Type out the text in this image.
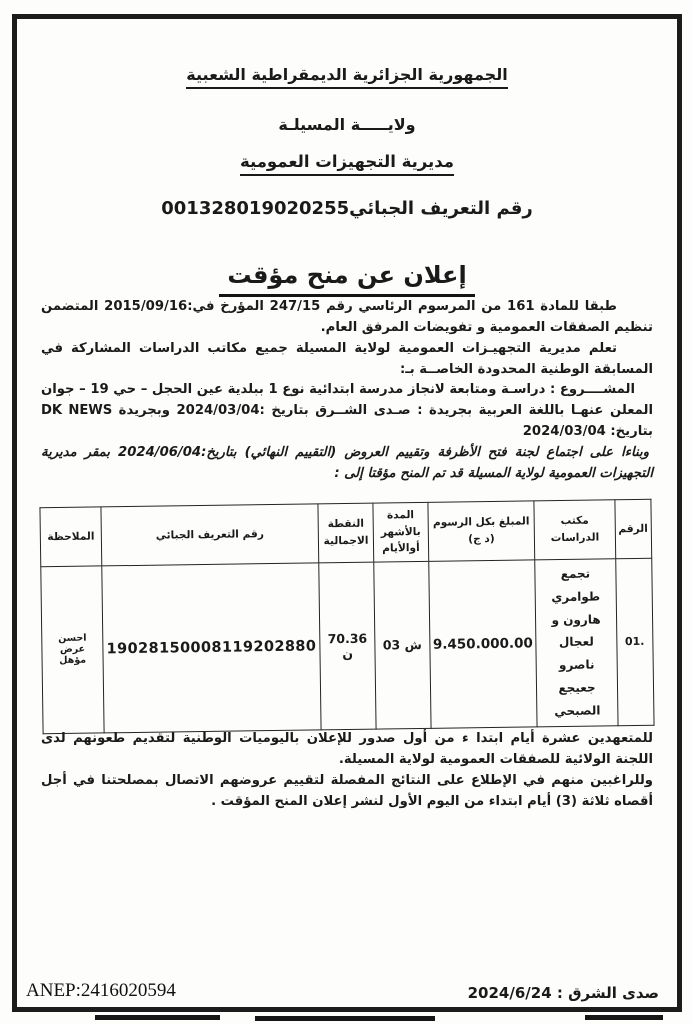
الجمهورية الجزائرية الديمقراطية الشعبية
ولايـــــة المسيلـة
مديرية التجهيزات العمومية
رقم التعريف الجبائي001328019020255
إعلان عن منح مؤقت

طبقا للمادة 161 من المرسوم الرئاسي رقم 247/15 المؤرخ في:2015/09/16 المتضمن تنظيم الصفقات العمومية و تفويضات المرفق العام.

تعلم مديرية التجهيـزات العمومية لولاية المسيلة جميع مكاتب الدراسات المشاركة في المسابقة الوطنية المحدودة الخاصــة بـ:

المشــــروع : دراسـة ومتابعة لانجاز مدرسة ابتدائية نوع 1 ببلدية عين الحجل – حي 19 – جوان

المعلن عنهـا باللغة العربية بجريدة : صـدى الشــرق بتاريخ :2024/03/04 وبجريدة DK NEWS بتاريخ: 2024/03/04

وبناءا على اجتماع لجنة فتح الأظرفة وتقييم العروض (التقييم النهائي) بتاريخ:2024/06/04 بمقر مديرية التجهيزات العمومية لولاية المسيلة قد تم المنح مؤقتا إلى :

الرقم	مكتب الدراسات	المبلغ بكل الرسوم (د ج)	المدة بالأشهر أوالأيام	النقطة الاجمالية	رقم التعريف الجبائي	الملاحظة
.01	تجمع طوامري هارون و لعجال ناصرو جعيجع الصبحي	9.450.000.00	03 ش	70.36 ن	19028150008119202880	احسن عرض مؤهل

للمتعهدين عشرة أيام ابتدا ء من أول صدور للإعلان باليوميات الوطنية لتقديم طعونهم لدى اللجنة الولائية للصفقات العمومية لولاية المسيلة.

وللراغبين منهم في الإطلاع على النتائج المفصلة لتقييم عروضهم الاتصال بمصلحتنا في أجل أقصاه ثلاثة (3) أيام ابتداء من اليوم الأول لنشر إعلان المنح المؤقت .

ANEP:2416020594	صدى الشرق : 2024/6/24
